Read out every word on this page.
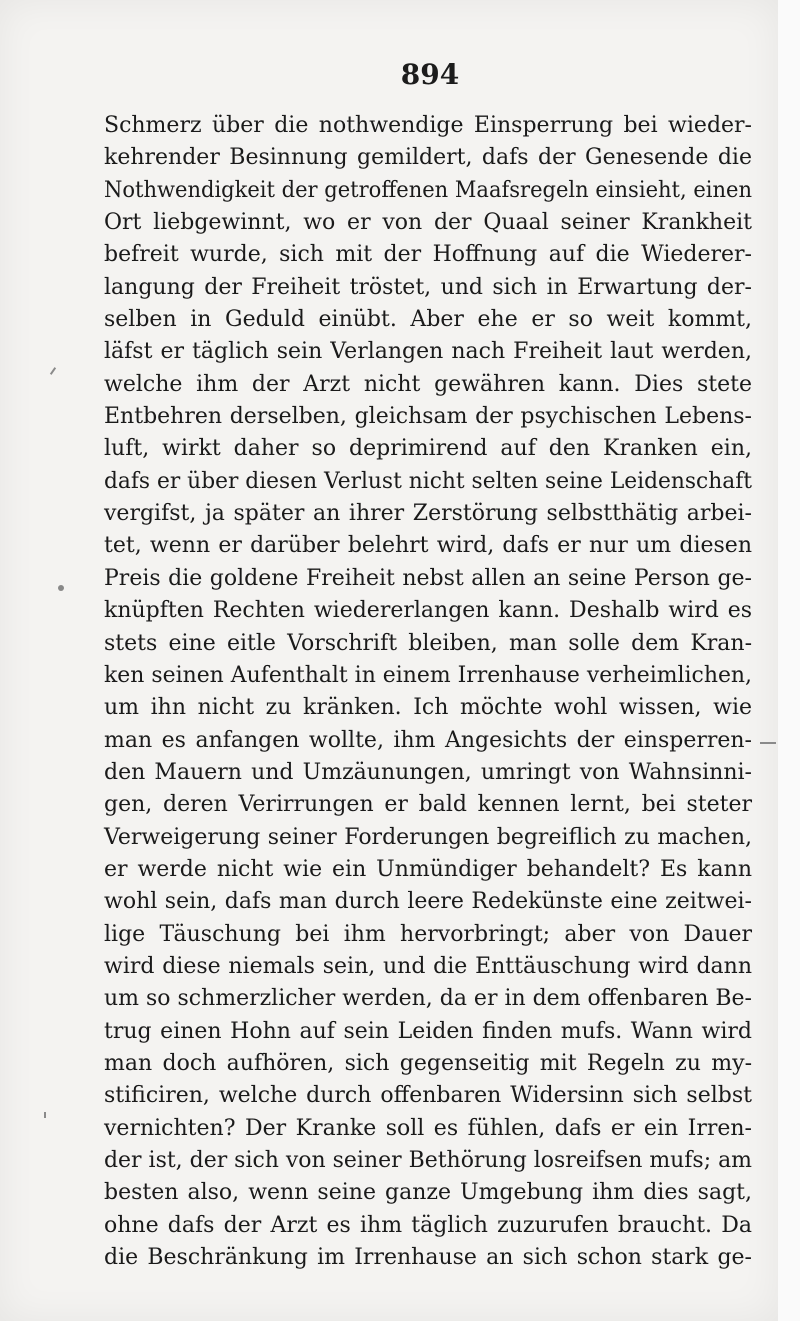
894
Schmerz über die nothwendige Einsperrung bei wieder-
kehrender Besinnung gemildert, dafs der Genesende die
Nothwendigkeit der getroffenen Maafsregeln einsieht, einen
Ort liebgewinnt, wo er von der Quaal seiner Krankheit
befreit wurde, sich mit der Hoffnung auf die Wiederer-
langung der Freiheit tröstet, und sich in Erwartung der-
selben in Geduld einübt. Aber ehe er so weit kommt,
läfst er täglich sein Verlangen nach Freiheit laut werden,
welche ihm der Arzt nicht gewähren kann. Dies stete
Entbehren derselben, gleichsam der psychischen Lebens-
luft, wirkt daher so deprimirend auf den Kranken ein,
dafs er über diesen Verlust nicht selten seine Leidenschaft
vergifst, ja später an ihrer Zerstörung selbstthätig arbei-
tet, wenn er darüber belehrt wird, dafs er nur um diesen
Preis die goldene Freiheit nebst allen an seine Person ge-
knüpften Rechten wiedererlangen kann. Deshalb wird es
stets eine eitle Vorschrift bleiben, man solle dem Kran-
ken seinen Aufenthalt in einem Irrenhause verheimlichen,
um ihn nicht zu kränken. Ich möchte wohl wissen, wie
man es anfangen wollte, ihm Angesichts der einsperren-
den Mauern und Umzäunungen, umringt von Wahnsinni-
gen, deren Verirrungen er bald kennen lernt, bei steter
Verweigerung seiner Forderungen begreiflich zu machen,
er werde nicht wie ein Unmündiger behandelt? Es kann
wohl sein, dafs man durch leere Redekünste eine zeitwei-
lige Täuschung bei ihm hervorbringt; aber von Dauer
wird diese niemals sein, und die Enttäuschung wird dann
um so schmerzlicher werden, da er in dem offenbaren Be-
trug einen Hohn auf sein Leiden finden mufs. Wann wird
man doch aufhören, sich gegenseitig mit Regeln zu my-
stificiren, welche durch offenbaren Widersinn sich selbst
vernichten? Der Kranke soll es fühlen, dafs er ein Irren-
der ist, der sich von seiner Bethörung losreifsen mufs; am
besten also, wenn seine ganze Umgebung ihm dies sagt,
ohne dafs der Arzt es ihm täglich zuzurufen braucht. Da
die Beschränkung im Irrenhause an sich schon stark ge-
